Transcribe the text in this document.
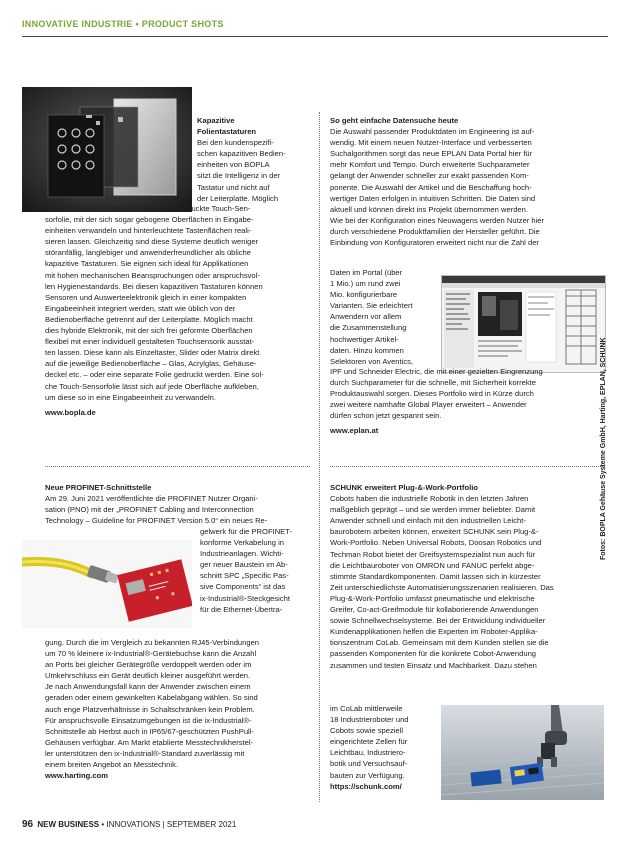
INNOVATIVE INDUSTRIE • PRODUCT SHOTS

Kapazitive

Folientastaturen

Bei den kundenspezifi-

schen kapazitiven Bedien-

einheiten von BOPLA

sitzt die Intelligenz in der

Tastatur und nicht auf

der Leiterplatte. Möglich

macht dies eine mit flexibler Elektronik bedruckte Touch-Sen-

sorfolie, mit der sich sogar gebogene Oberflächen in Eingabe-

einheiten verwandeln und hinterleuchtete Tastenflächen reali-

sieren lassen. Gleichzeitig sind diese Systeme deutlich weniger

störanfällig, langlebiger und anwenderfreundlicher als übliche

kapazitive Tastaturen. Sie eignen sich ideal für Applikationen

mit hohen mechanischen Beanspruchungen oder anspruchsvol-

len Hygienestandards. Bei diesen kapazitiven Tastaturen können

Sensoren und Auswerteelektronik gleich in einer kompakten

Eingabeeinheit integriert werden, statt wie üblich von der

Bedienoberfläche getrennt auf der Leiterplatte. Möglich macht

dies hybride Elektronik, mit der sich frei geformte Oberflächen

flexibel mit einer individuell gestalteten Touchsensorik ausstat-

ten lassen. Diese kann als Einzeltaster, Slider oder Matrix direkt

auf die jeweilige Bedienoberfläche – Glas, Acrylglas, Gehäuse-

deckel etc. – oder eine separate Folie gedruckt werden. Eine sol-

che Touch-Sensorfolie lässt sich auf jede Oberfläche aufkleben,

um diese so in eine Eingabeeinheit zu verwandeln.

www.bopla.de

So geht einfache Datensuche heute

Die Auswahl passender Produktdaten im Engineering ist auf-

wendig. Mit einem neuen Nutzer-Interface und verbesserten

Suchalgorithmen sorgt das neue EPLAN Data Portal hier für

mehr Komfort und Tempo. Durch erweiterte Suchparameter

gelangt der Anwender schneller zur exakt passenden Kom-

ponente. Die Auswahl der Artikel und die Beschaffung hoch-

wertiger Daten erfolgen in intuitiven Schritten. Die Daten sind

aktuell und können direkt ins Projekt übernommen werden.

Wie bei der Konfiguration eines Neuwagens werden Nutzer hier

durch verschiedene Produktfamilien der Hersteller geführt. Die

Einbindung von Konfiguratoren erweitert nicht nur die Zahl der

Daten im Portal (über

1 Mio.) um rund zwei

Mio. konfigurierbare

Varianten. Sie erleichtert

Anwendern vor allem

die Zusammenstellung

hochwertiger Artikel-

daten. Hinzu kommen

Selektoren von Aventics,

IPF und Schneider Electric, die mit einer gezielten Eingrenzung

durch Suchparameter für die schnelle, mit Sicherheit korrekte

Produktauswahl sorgen. Dieses Portfolio wird in Kürze durch

zwei weitere namhafte Global Player erweitert – Anwender

dürfen schon jetzt gespannt sein.

www.eplan.at

Neue PROFINET-Schnittstelle

Am 29. Juni 2021 veröffentlichte die PROFINET Nutzer Organi-

sation (PNO) mit der „PROFINET Cabling and Interconnection

Technology – Guideline for PROFINET Version 5.0“ ein neues Re-

gelwerk für die PROFINET-

konforme Verkabelung in

Industrieanlagen. Wichti-

ger neuer Baustein im Ab-

schnitt SPC „Specific Pas-

sive Components“ ist das

ix-Industrial®-Steckgesicht

für die Ethernet-Übertra-

gung. Durch die im Vergleich zu bekannten RJ45-Verbindungen

um 70 % kleinere ix-Industrial®-Gerätebuchse kann die Anzahl

an Ports bei gleicher Gerätegröße verdoppelt werden oder im

Umkehrschluss ein Gerät deutlich kleiner ausgeführt werden.

Je nach Anwendungsfall kann der Anwender zwischen einem

geraden oder einem gewinkelten Kabelabgang wählen. So sind

auch enge Platzverhältnisse in Schaltschränken kein Problem.

Für anspruchsvolle Einsatzumgebungen ist die ix-Industrial®-

Schnittstelle ab Herbst auch in IP65/67-geschützten PushPull-

Gehäusen verfügbar. Am Markt etablierte Messtechnikherstel-

ler unterstützen den ix-Industrial®-Standard zuverlässig mit

einem breiten Angebot an Messtechnik.

www.harting.com

SCHUNK erweitert Plug-&-Work-Portfolio

Cobots haben die industrielle Robotik in den letzten Jahren

maßgeblich geprägt – und sie werden immer beliebter. Damit

Anwender schnell und einfach mit den industriellen Leicht-

baurobotern arbeiten können, erweitert SCHUNK sein Plug-&-

Work-Portfolio. Neben Universal Robots, Doosan Robotics und

Techman Robot bietet der Greifsystemspezialist nun auch für

die Leichtbauroboter von OMRON und FANUC perfekt abge-

stimmte Standardkomponenten. Damit lassen sich in kürzester

Zeit unterschiedlichste Automatisierungsszenarien realisieren. Das

Plug-&-Work-Portfolio umfasst pneumatische und elektrische

Greifer, Co-act-Greifmodule für kollaborierende Anwendungen

sowie Schnellwechselsysteme. Bei der Entwicklung individueller

Kundenapplikationen helfen die Experten im Roboter-Applika-

tionszentrum CoLab. Gemeinsam mit dem Kunden stellen sie die

passenden Komponenten für die konkrete Cobot-Anwendung

zusammen und testen Einsatz und Machbarkeit. Dazu stehen

im CoLab mittlerweile

18 Industrieroboter und

Cobots sowie speziell

eingerichtete Zellen für

Leichtbau, Industriero-

botik und Versuchsauf-

bauten zur Verfügung.

https://schunk.com/

Fotos: BOPLA Gehäuse Systeme GmbH, Harting, EPLAN, SCHUNK
96 NEW BUSINESS • INNOVATIONS | SEPTEMBER 2021
